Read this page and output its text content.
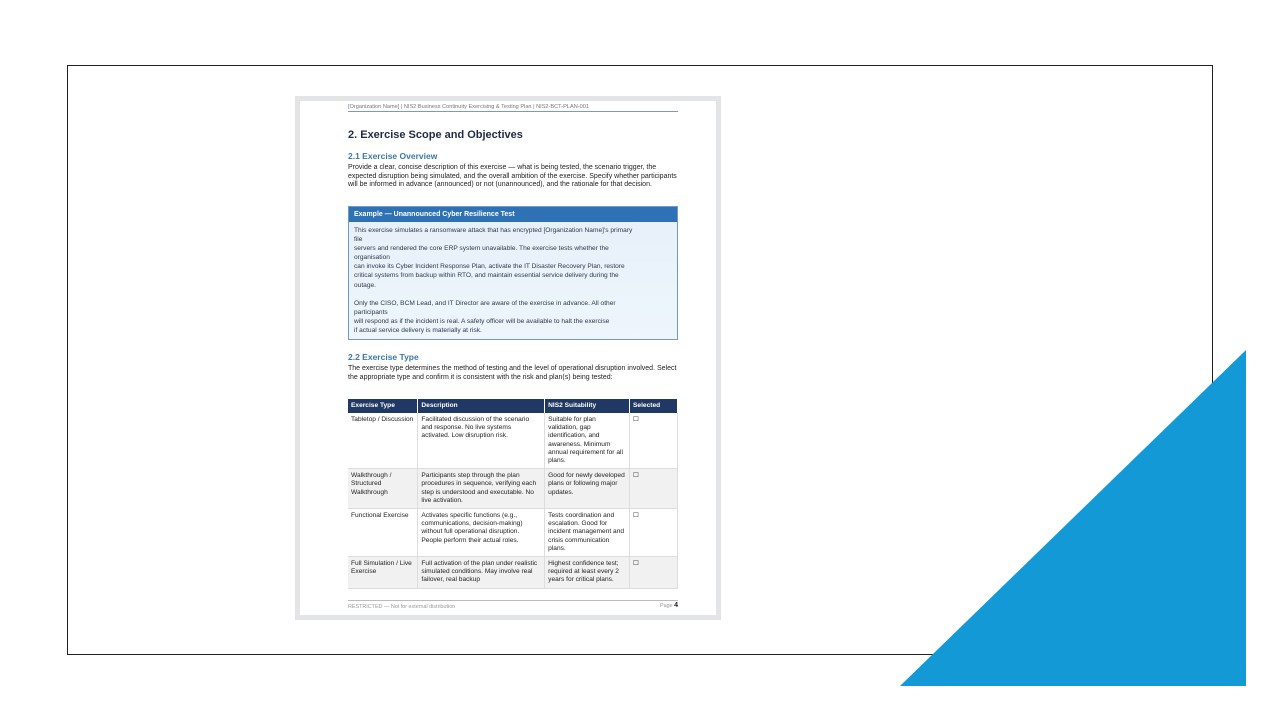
[Organization Name] | NIS2 Business Continuity Exercising & Testing Plan | NIS2-BCT-PLAN-001
2. Exercise Scope and Objectives
2.1 Exercise Overview
Provide a clear, concise description of this exercise — what is being tested, the scenario trigger, the expected disruption being simulated, and the overall ambition of the exercise. Specify whether participants will be informed in advance (announced) or not (unannounced), and the rationale for that decision.
Example — Unannounced Cyber Resilience Test
This exercise simulates a ransomware attack that has encrypted [Organization Name]'s primary
file
servers and rendered the core ERP system unavailable. The exercise tests whether the
organisation
can invoke its Cyber Incident Response Plan, activate the IT Disaster Recovery Plan, restore
critical systems from backup within RTO, and maintain essential service delivery during the
outage.
Only the CISO, BCM Lead, and IT Director are aware of the exercise in advance. All other
participants
will respond as if the incident is real. A safety officer will be available to halt the exercise
if actual service delivery is materially at risk.
2.2 Exercise Type
The exercise type determines the method of testing and the level of operational disruption involved. Select the appropriate type and confirm it is consistent with the risk and plan(s) being tested:
Exercise Type	Description	NIS2 Suitability	Selected
Tabletop / Discussion	Facilitated discussion of the scenario and response. No live systems activated. Low disruption risk.	Suitable for plan validation, gap identification, and awareness. Minimum annual requirement for all plans.	☐
Walkthrough / Structured Walkthrough	Participants step through the plan procedures in sequence, verifying each step is understood and executable. No live activation.	Good for newly developed plans or following major updates.	☐
Functional Exercise	Activates specific functions (e.g., communications, decision-making) without full operational disruption. People perform their actual roles.	Tests coordination and escalation. Good for incident management and crisis communication plans.	☐
Full Simulation / Live Exercise	Full activation of the plan under realistic simulated conditions. May involve real failover, real backup	Highest confidence test; required at least every 2 years for critical plans.	☐
RESTRICTED — Not for external distribution	Page 4
